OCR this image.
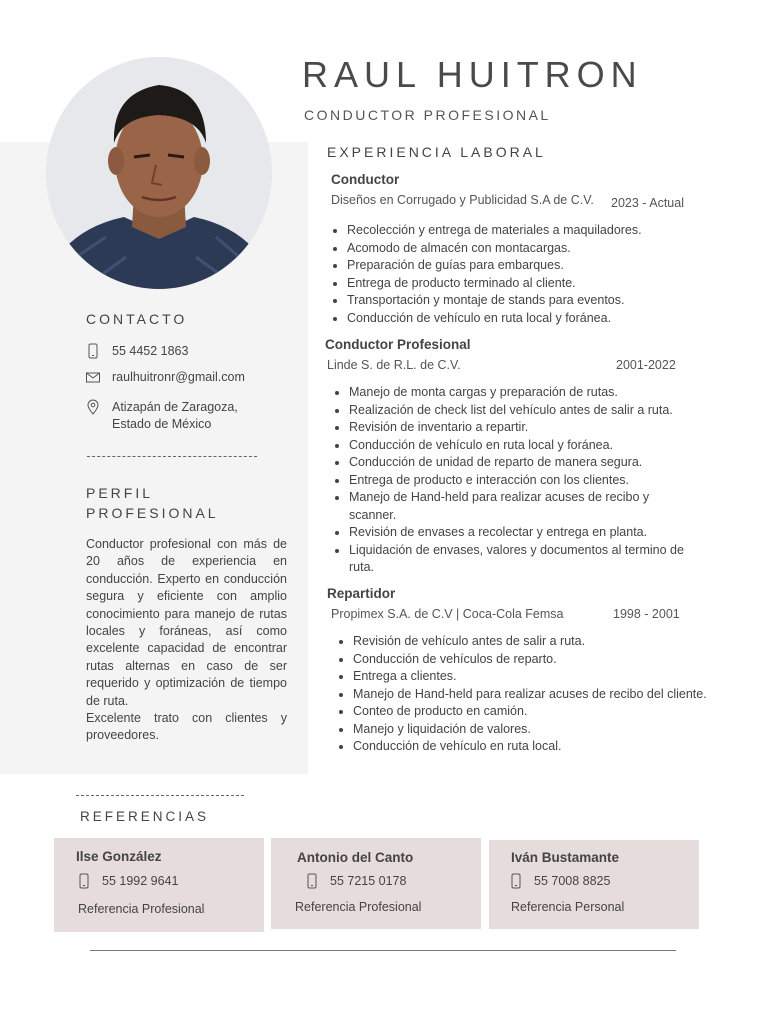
RAUL HUITRON
CONDUCTOR PROFESIONAL
CONTACTO
55 4452 1863
raulhuitronr@gmail.com
Atizapán de Zaragoza,
Estado de México
PERFIL
PROFESIONAL
Conductor profesional con más de 20 años de experiencia en conducción. Experto en conducción segura y eficiente con amplio conocimiento para manejo de rutas locales y foráneas, así como excelente capacidad de encontrar rutas alternas en caso de ser requerido y optimización de tiempo de ruta.
Excelente trato con clientes y proveedores.
EXPERIENCIA LABORAL
Conductor
Diseños en Corrugado y Publicidad S.A de C.V. 2023 - Actual
• Recolección y entrega de materiales a maquiladores.
• Acomodo de almacén con montacargas.
• Preparación de guías para embarques.
• Entrega de producto terminado al cliente.
• Transportación y montaje de stands para eventos.
• Conducción de vehículo en ruta local y foránea.
Conductor Profesional
Linde S. de R.L. de C.V.	2001-2022
• Manejo de monta cargas y preparación de rutas.
• Realización de check list del vehículo antes de salir a ruta.
• Revisión de inventario a repartir.
• Conducción de vehículo en ruta local y foránea.
• Conducción de unidad de reparto de manera segura.
• Entrega de producto e interacción con los clientes.
• Manejo de Hand-held para realizar acuses de recibo y scanner.
• Revisión de envases a recolectar y entrega en planta.
• Liquidación de envases, valores y documentos al termino de ruta.
Repartidor
Propimex S.A. de C.V | Coca-Cola Femsa	1998 - 2001
• Revisión de vehículo antes de salir a ruta.
• Conducción de vehículos de reparto.
• Entrega a clientes.
• Manejo de Hand-held para realizar acuses de recibo del cliente.
• Conteo de producto en camión.
• Manejo y liquidación de valores.
• Conducción de vehículo en ruta local.
REFERENCIAS
Ilse González
55 1992 9641
Referencia Profesional
Antonio del Canto
55 7215 0178
Referencia Profesional
Iván Bustamante
55 7008 8825
Referencia Personal
